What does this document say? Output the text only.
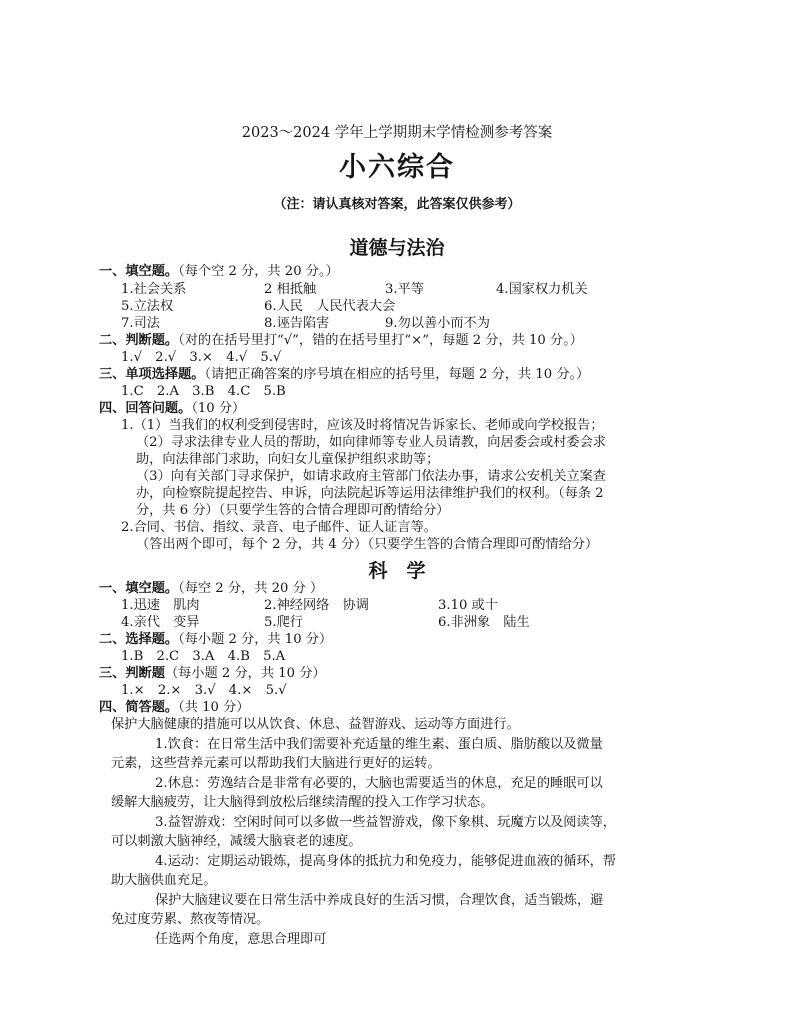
2023～2024 学年上学期期末学情检测参考答案
小六综合
（注：请认真核对答案，此答案仅供参考）
道德与法治
一、填空题。（每个空 2 分，共 20 分。）
1.社会关系	2 相抵触	3.平等	4.国家权力机关
5.立法权	6.人民　人民代表大会
7.司法	8.诬告陷害	9.勿以善小而不为
二、判断题。（对的在括号里打“√”，错的在括号里打“×”，每题 2 分，共 10 分。）
1.√　2.√　3.×　4.√　5.√
三、单项选择题。（请把正确答案的序号填在相应的括号里，每题 2 分，共 10 分。）
1.C　2.A　3.B　4.C　5.B
四、回答问题。（10 分）
1.（1）当我们的权利受到侵害时，应该及时将情况告诉家长、老师或向学校报告；
（2）寻求法律专业人员的帮助，如向律师等专业人员请教，向居委会或村委会求
助，向法律部门求助，向妇女儿童保护组织求助等；
（3）向有关部门寻求保护，如请求政府主管部门依法办事，请求公安机关立案查
办，向检察院提起控告、申诉，向法院起诉等运用法律维护我们的权利。（每条 2
分，共 6 分）（只要学生答的合情合理即可酌情给分）
2.合同、书信、指纹、录音、电子邮件、证人证言等。
（答出两个即可，每个 2 分，共 4 分）（只要学生答的合情合理即可酌情给分）
科　学
一、填空题。（每空 2 分，共 20 分 ）
1.迅速　肌肉	2.神经网络　协调	3.10 或十
4.亲代　变异	5.爬行	6.非洲象　陆生
二、选择题。（每小题 2 分，共 10 分）
1.B　2.C　3.A　4.B　5.A
三、判断题（每小题 2 分，共 10 分）
1.×　2.×　3.√　4.×　5.√
四、简答题。（共 10 分）
保护大脑健康的措施可以从饮食、休息、益智游戏、运动等方面进行。
1.饮食：在日常生活中我们需要补充适量的维生素、蛋白质、脂肪酸以及微量
元素，这些营养元素可以帮助我们大脑进行更好的运转。
2.休息：劳逸结合是非常有必要的，大脑也需要适当的休息，充足的睡眠可以
缓解大脑疲劳，让大脑得到放松后继续清醒的投入工作学习状态。
3.益智游戏：空闲时间可以多做一些益智游戏，像下象棋、玩魔方以及阅读等，
可以刺激大脑神经，减缓大脑衰老的速度。
4.运动：定期运动锻炼，提高身体的抵抗力和免疫力，能够促进血液的循环，帮
助大脑供血充足。
保护大脑建议要在日常生活中养成良好的生活习惯，合理饮食，适当锻炼，避
免过度劳累、熬夜等情况。
任选两个角度，意思合理即可
